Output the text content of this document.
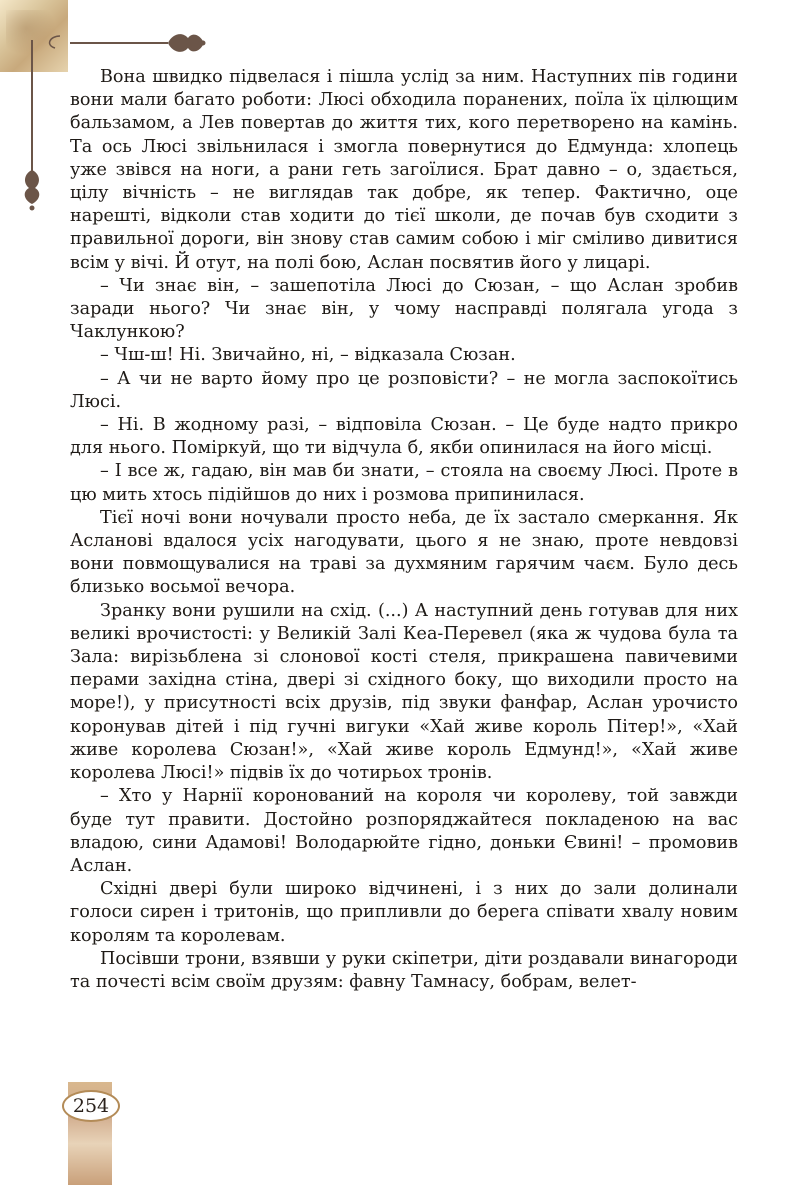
Вона швидко підвелася і пішла услід за ним. Наступних пів години вони мали багато роботи: Люсі обходила поранених, поїла їх цілющим бальзамом, а Лев повертав до життя тих, кого перетворено на камінь. Та ось Люсі звільнилася і змогла повернутися до Едмунда: хлопець уже звівся на ноги, а рани геть загоїлися. Брат давно – о, здається, цілу вічність – не виглядав так добре, як тепер. Фактично, оце нарешті, відколи став ходити до тієї школи, де почав був сходити з правильної дороги, він знову став самим собою і міг сміливо дивитися всім у вічі. Й отут, на полі бою, Аслан посвятив його у лицарі.

– Чи знає він, – зашепотіла Люсі до Сюзан, – що Аслан зробив заради нього? Чи знає він, у чому насправді полягала угода з Чаклункою?

– Чш-ш! Ні. Звичайно, ні, – відказала Сюзан.

– А чи не варто йому про це розповісти? – не могла заспокоїтись Люсі.

– Ні. В жодному разі, – відповіла Сюзан. – Це буде надто прикро для нього. Поміркуй, що ти відчула б, якби опинилася на його місці.

– І все ж, гадаю, він мав би знати, – стояла на своєму Люсі. Проте в цю мить хтось підійшов до них і розмова припинилася.

Тієї ночі вони ночували просто неба, де їх застало смеркання. Як Асланові вдалося усіх нагодувати, цього я не знаю, проте невдовзі вони повмощувалися на траві за духмяним гарячим чаєм. Було десь близько восьмої вечора.

Зранку вони рушили на схід. (...) А наступний день готував для них великі врочистості: у Великій Залі Кеа-Перевел (яка ж чудова була та Зала: вирізьблена зі слонової кості стеля, прикрашена павичевими перами західна стіна, двері зі східного боку, що виходили просто на море!), у присутності всіх друзів, під звуки фанфар, Аслан урочисто коронував дітей і під гучні вигуки «Хай живе король Пітер!», «Хай живе королева Сюзан!», «Хай живе король Едмунд!», «Хай живе королева Люсі!» підвів їх до чотирьох тронів.

– Хто у Нарнії коронований на короля чи королеву, той завжди буде тут правити. Достойно розпоряджайтеся покладеною на вас владою, сини Адамові! Володарюйте гідно, доньки Євині! – промовив Аслан.

Східні двері були широко відчинені, і з них до зали долинали голоси сирен і тритонів, що припливли до берега співати хвалу новим королям та королевам.

Посівши трони, взявши у руки скіпетри, діти роздавали винагороди та почесті всім своїм друзям: фавну Тамнасу, бобрам, велет-

254
